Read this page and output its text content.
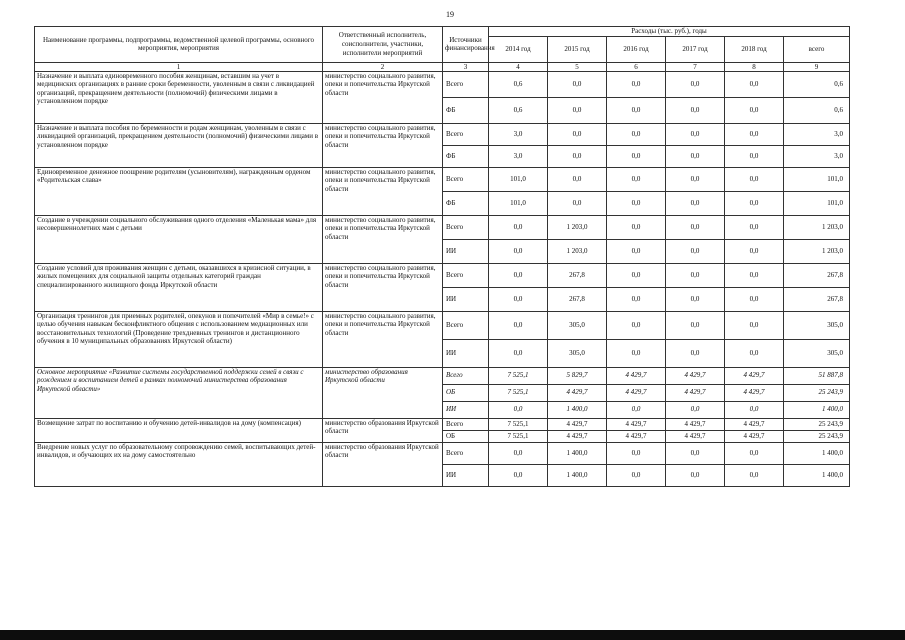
19
Наименование программы, подпрограммы, ведомственной целевой программы, основного мероприятия, мероприятия	Ответственный исполнитель, соисполнители, участники, исполнители мероприятий	Источники финансирования	Расходы (тыс. руб.), годы					
			2014 год	2015 год	2016 год	2017 год	2018 год	всего
1	2	3	4	5	6	7	8	9
Назначение и выплата единовременного пособия женщинам, вставшим на учет в медицинских организациях в ранние сроки беременности, уволенным в связи с ликвидацией организаций, прекращением деятельности (полномочий) физическими лицами в установленном порядке	министерство социального развития, опеки и попечительства Иркутской области	Всего	0,6	0,0	0,0	0,0	0,0	0,6
		ФБ	0,6	0,0	0,0	0,0	0,0	0,6
Назначение и выплата пособия по беременности и родам женщинам, уволенным в связи с ликвидацией организаций, прекращением деятельности (полномочий) физическими лицами в установленном порядке	министерство социального развития, опеки и попечительства Иркутской области	Всего	3,0	0,0	0,0	0,0	0,0	3,0
		ФБ	3,0	0,0	0,0	0,0	0,0	3,0
Единовременное денежное поощрение родителям (усыновителям), награжденным орденом «Родительская слава»	министерство социального развития, опеки и попечительства Иркутской области	Всего	101,0	0,0	0,0	0,0	0,0	101,0
		ФБ	101,0	0,0	0,0	0,0	0,0	101,0
Создание в учреждении социального обслуживания одного отделения «Маленькая мама» для несовершеннолетних мам с детьми	министерство социального развития, опеки и попечительства Иркутской области	Всего	0,0	1 203,0	0,0	0,0	0,0	1 203,0
		ИИ	0,0	1 203,0	0,0	0,0	0,0	1 203,0
Создание условий для проживания женщин с детьми, оказавшихся в кризисной ситуации, в жилых помещениях для социальной защиты отдельных категорий граждан специализированного жилищного фонда Иркутской области	министерство социального развития, опеки и попечительства Иркутской области	Всего	0,0	267,8	0,0	0,0	0,0	267,8
		ИИ	0,0	267,8	0,0	0,0	0,0	267,8
Организация тренингов для приемных родителей, опекунов и попечителей «Мир в семье!» с целью обучения навыкам бесконфликтного общения с использованием медиационных или восстановительных технологий (Проведение трехдневных тренингов и дистанционного обучения в 10 муниципальных образованиях Иркутской области)	министерство социального развития, опеки и попечительства Иркутской области	Всего	0,0	305,0	0,0	0,0	0,0	305,0
		ИИ	0,0	305,0	0,0	0,0	0,0	305,0
Основное мероприятие «Развитие системы государственной поддержки семей в связи с рождением и воспитанием детей в рамках полномочий министерства образования Иркутской области»	министерство образования Иркутской области	Всего	7 525,1	5 829,7	4 429,7	4 429,7	4 429,7	51 887,8
		ОБ	7 525,1	4 429,7	4 429,7	4 429,7	4 429,7	25 243,9
		ИИ	0,0	1 400,0	0,0	0,0	0,0	1 400,0
Возмещение затрат по воспитанию и обучению детей-инвалидов на дому (компенсация)	министерство образования Иркутской области	Всего	7 525,1	4 429,7	4 429,7	4 429,7	4 429,7	25 243,9
		ОБ	7 525,1	4 429,7	4 429,7	4 429,7	4 429,7	25 243,9
Внедрение новых услуг по образовательному сопровождению семей, воспитывающих детей-инвалидов, и обучающих их на дому самостоятельно	министерство образования Иркутской области	Всего	0,0	1 400,0	0,0	0,0	0,0	1 400,0
		ИИ	0,0	1 400,0	0,0	0,0	0,0	1 400,0
